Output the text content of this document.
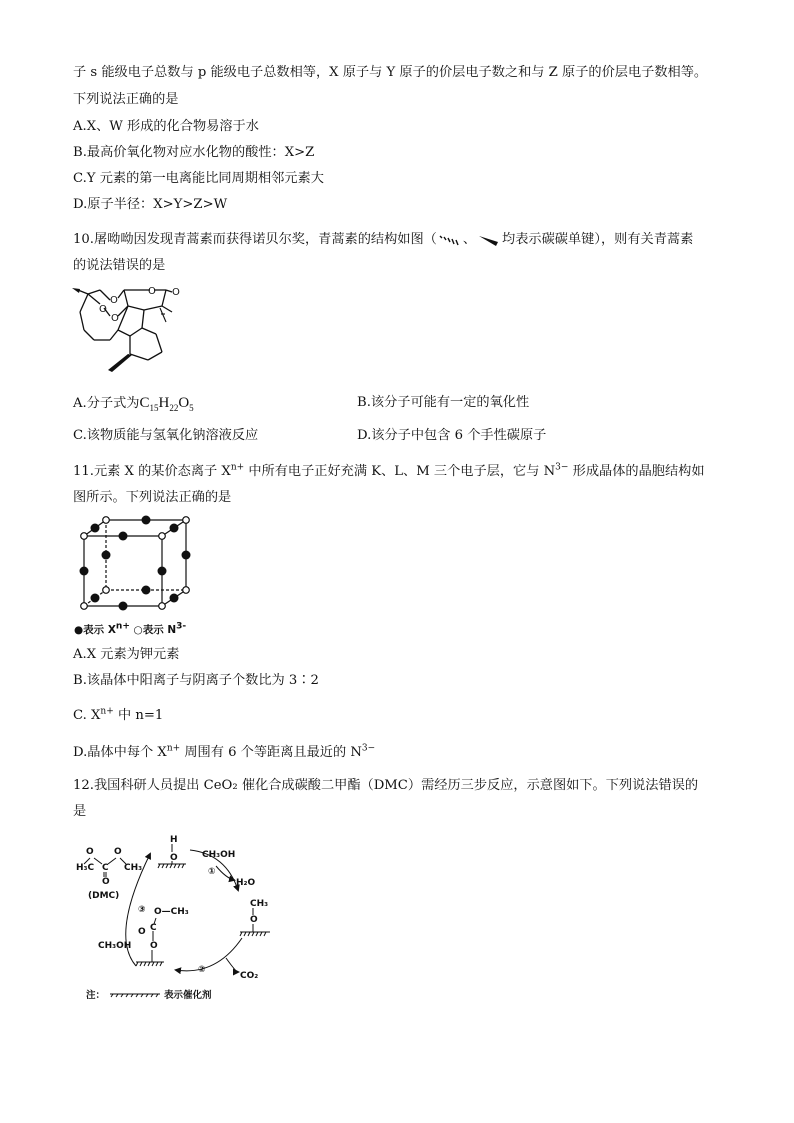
子 s 能级电子总数与 p 能级电子总数相等，X 原子与 Y 原子的价层电子数之和与 Z 原子的价层电子数相等。
下列说法正确的是
A.X、W 形成的化合物易溶于水
B.最高价氧化物对应水化物的酸性：X>Z
C.Y 元素的第一电离能比同周期相邻元素大
D.原子半径：X>Y>Z>W
10.屠呦呦因发现青蒿素而获得诺贝尔奖，青蒿素的结构如图（ 、 均表示碳碳单键），则有关青蒿素
的说法错误的是
O
O
O
O O
A.分子式为$C_{15}H_{22}O_5$	B.该分子可能有一定的氧化性
C.该物质能与氢氧化钠溶液反应	D.该分子中包含 6 个手性碳原子
11.元素 X 的某价态离子 $X^{n+}$ 中所有电子正好充满 K、L、M 三个电子层，它与 $N^{3-}$ 形成晶体的晶胞结构如
图所示。下列说法正确的是
●表示 $X^{n+}$ ○表示 $N^{3-}$
A.X 元素为钾元素
B.该晶体中阳离子与阴离子个数比为 3∶2
C. $X^{n+}$ 中 n=1
D.晶体中每个 $X^{n+}$ 周围有 6 个等距离且最近的 $N^{3-}$
12.我国科研人员提出 CeO₂ 催化合成碳酸二甲酯（DMC）需经历三步反应，示意图如下。下列说法错误的
是
H
O	CH₃OH
H₂O
CH₃
O
CO₂
H₃C
O
C
O
O
CH₃
(DMC)
O—CH₃
C
O
O
CH₃OH
①
②
③
注：	表示催化剂
